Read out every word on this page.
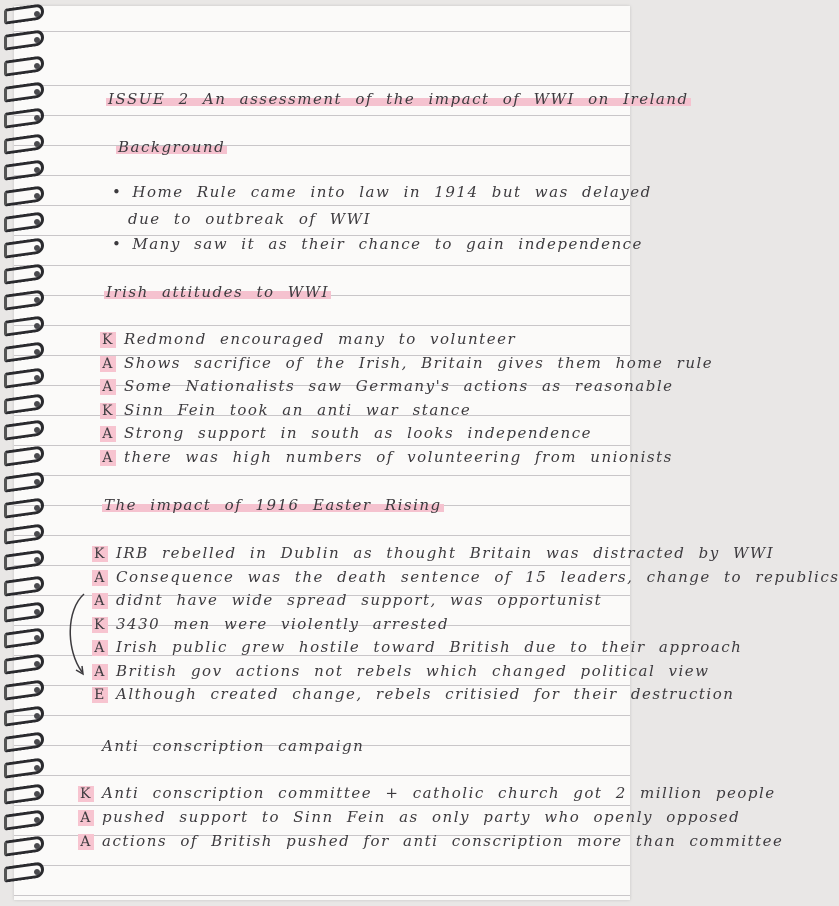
ISSUE 2 An assessment of the impact of WWI on Ireland
Background
• Home Rule came into law in 1914 but was delayed
due to outbreak of WWI
• Many saw it as their chance to gain independence
Irish attitudes to WWI
K Redmond encouraged many to volunteer
A Shows sacrifice of the Irish, Britain gives them home rule
A Some Nationalists saw Germany's actions as reasonable
K Sinn Fein took an anti war stance
A Strong support in south as looks independence
A there was high numbers of volunteering from unionists
The impact of 1916 Easter Rising
K IRB rebelled in Dublin as thought Britain was distracted by WWI
A Consequence was the death sentence of 15 leaders, change to republics
A didnt have wide spread support, was opportunist
K 3430 men were violently arrested
A Irish public grew hostile toward British due to their approach
A British gov actions not rebels which changed political view
E Although created change, rebels critisied for their destruction
Anti conscription campaign
K Anti conscription committee + catholic church got 2 million people
A pushed support to Sinn Fein as only party who openly opposed
A actions of British pushed for anti conscription more than committee
